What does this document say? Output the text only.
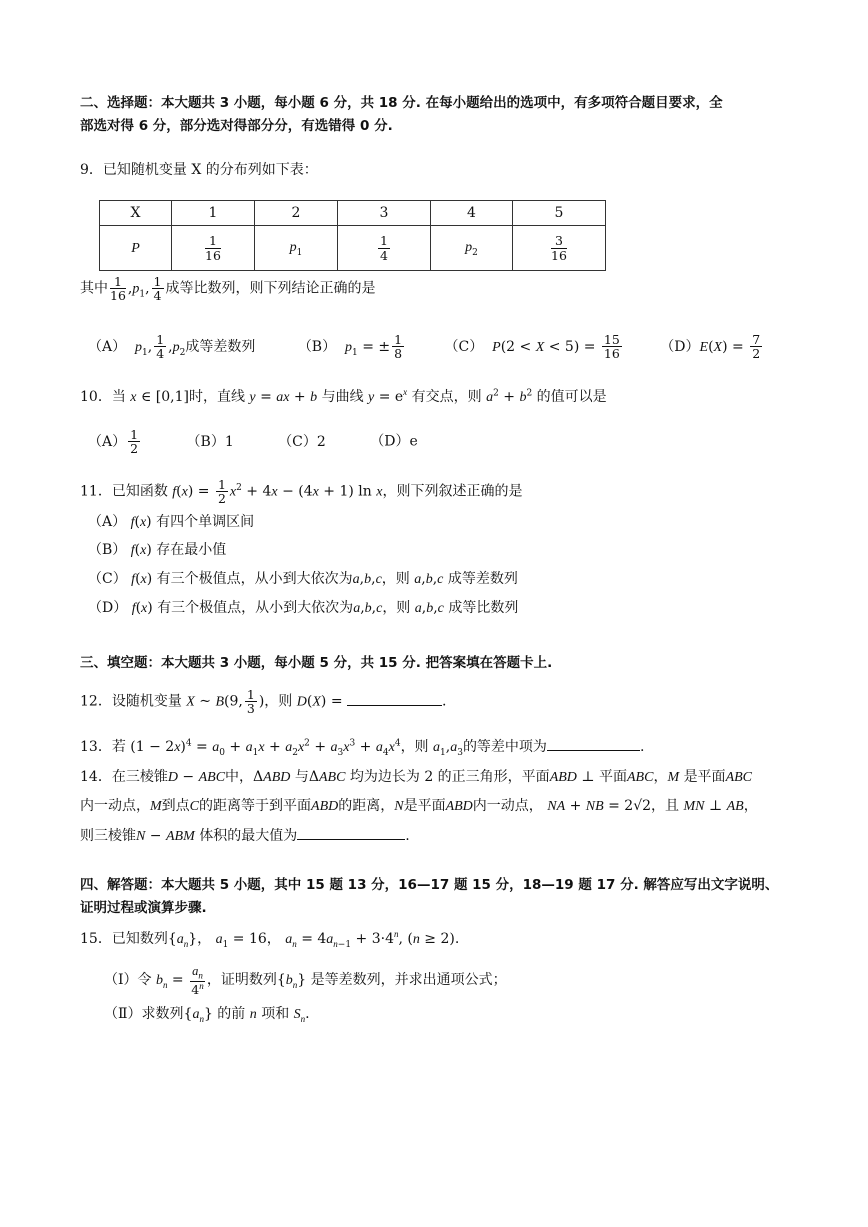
二、选择题：本大题共 3 小题，每小题 6 分，共 18 分. 在每小题给出的选项中，有多项符合题目要求，全
部选对得 6 分，部分选对得部分分，有选错得 0 分.
9．已知随机变量 X 的分布列如下表：
X	1	2	3	4	5
P	$\frac{1}{16}$	$p_1$	$\frac{1}{4}$	$p_2$	$\frac{3}{16}$
其中 $\frac{1}{16} ,p_1$, $\frac{1}{4}$ 成等比数列，则下列结论正确的是
（A） $p_1$, $\frac{1}{4} ,p_2$成等差数列	（B） $p_1$ = ± $\frac{1}{8}$	（C） $P(2 < X < 5) = \frac{15}{16}$	$(D)E(X) = \frac{7}{2}$
10．当 x ∈ [0,1]时，直线 y = ax + b 与曲线 $y = e^x$ 有交点，则 $a^2 + b^2$ 的值可以是
$(A) \frac{1}{2}$	（B）1	（C）2	（D）e
11．已知函数 $f(x) = \frac{1}{2} x^2 + 4x - (4x + 1)$ ln x，则下列叙述正确的是
（A） f(x) 有四个单调区间
（B） f(x) 存在最小值
（C） f(x) 有三个极值点，从小到大依次为a,b,c，则 a,b,c 成等差数列
（D） f(x) 有三个极值点，从小到大依次为a,b,c，则 a,b,c 成等比数列
三、填空题：本大题共 3 小题，每小题 5 分，共 15 分. 把答案填在答题卡上.
12．设随机变量 X ~ B(9, $\frac{1}{3}$ )，则 D(X) =	.
13．若 $(1 - 2x)^4 = a_0 + a_1x + a_2x^2 + a_3x^3 + a_4x^4$，则 $a_1,a_3$的等差中项为	.
14．在三棱锥D − ABC中，ΔABD 与ΔABC 均为边长为 2 的正三角形，平面ABD ⊥ 平面ABC，M 是平面ABC
内一动点，M到点C的距离等于到平面ABD的距离，N是平面ABD内一动点， NA + NB = 2√2，且 MN ⊥ AB，
则三棱锥N − ABM 体积的最大值为	.
四、解答题：本大题共 5 小题，其中 15 题 13 分，16—17 题 15 分，18—19 题 17 分. 解答应写出文字说明、
证明过程或演算步骤.
15．已知数列$\{a_n\}$， $a_1 = 16$， $a_n = 4a_{n-1} + 3\cdot 4^n$, (n ≥ 2).
（Ⅰ）令 $b_n = \frac{a_n}{4^n}$ ，证明数列$\{b_n\}$ 是等差数列，并求出通项公式；
（Ⅱ）求数列$\{a_n\}$ 的前 n 项和 $S_n$.
